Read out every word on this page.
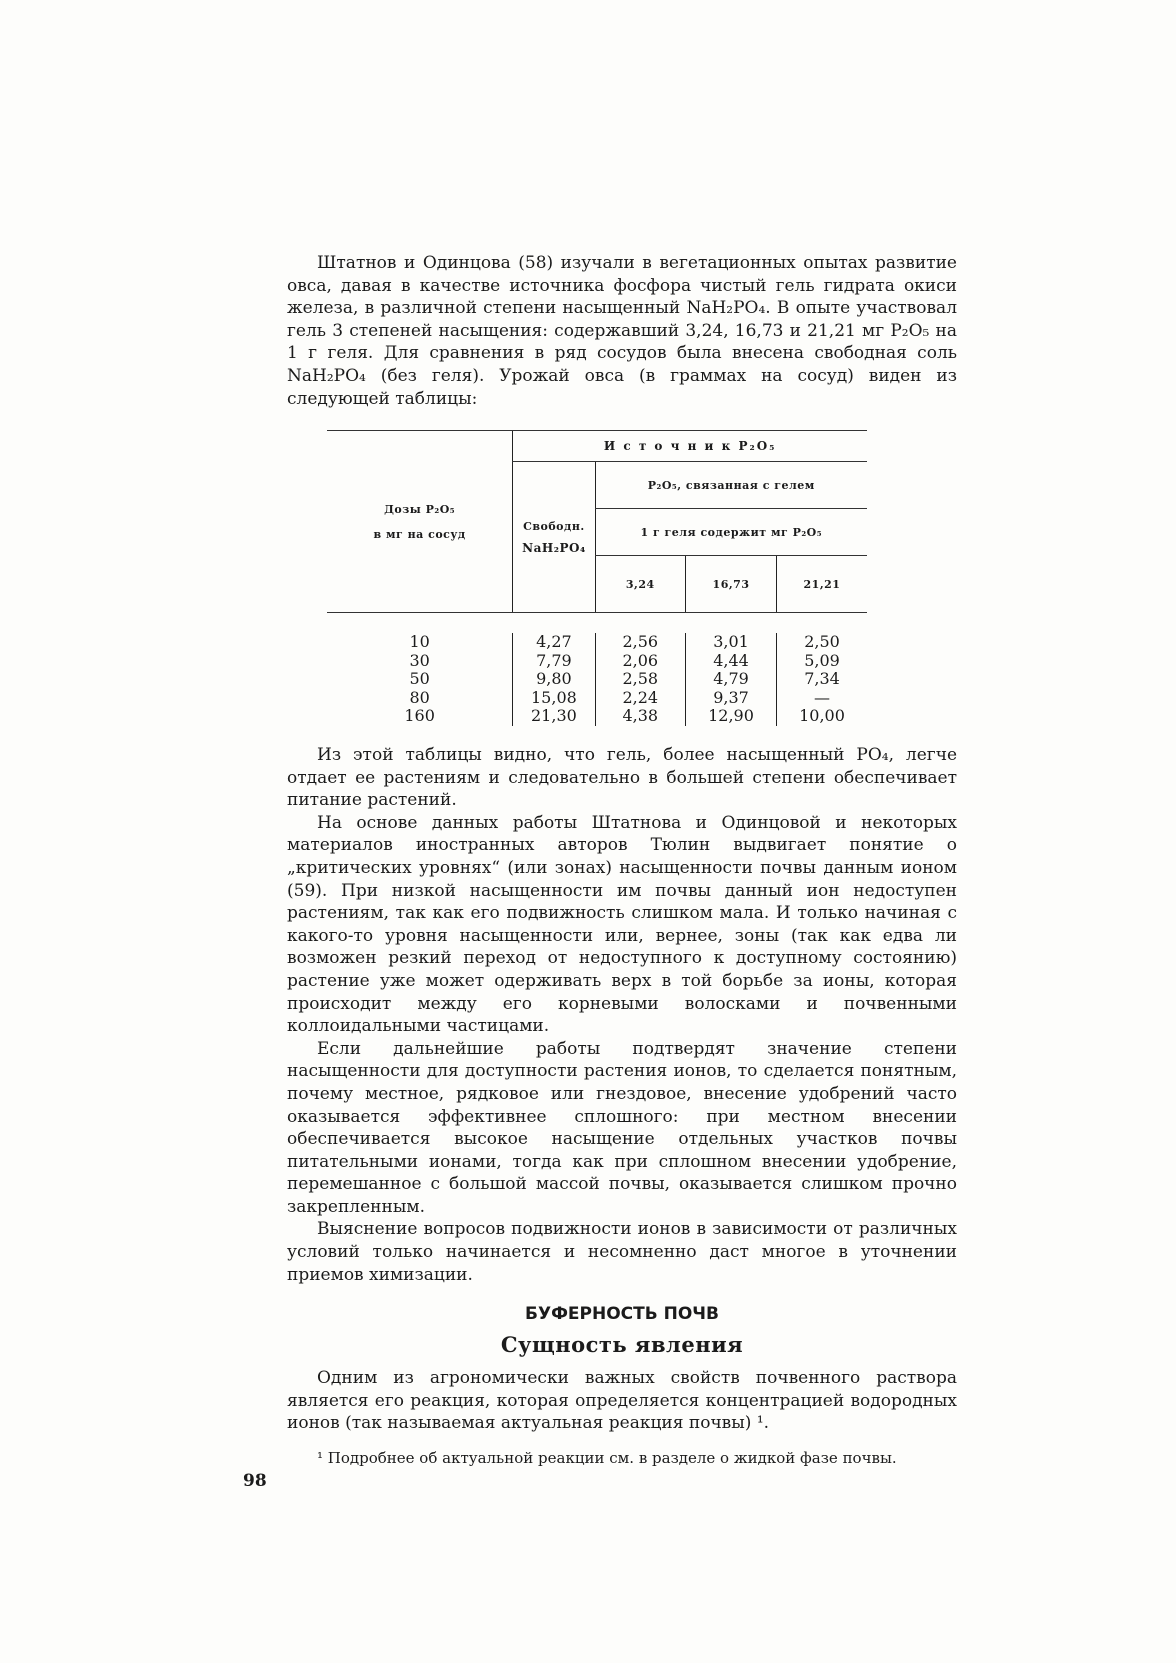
Штатнов и Одинцова (58) изучали в вегетационных опытах развитие овса, давая в качестве источника фосфора чистый гель гидрата окиси железа, в различной степени насыщенный NaH₂PO₄. В опыте участвовал гель 3 степеней насыщения: содержавший 3,24, 16,73 и 21,21 мг P₂O₅ на 1 г геля. Для сравнения в ряд сосудов была внесена свободная соль NaH₂PO₄ (без геля). Урожай овса (в граммах на сосуд) виден из следующей таблицы:

Дозы P₂O₅
в мг на сосуд	И с т о ч н и к P₂O₅			

	Свободн.
NaH₂PO₄	P₂O₅, связанная с гелем		
		1 г геля содержит мг P₂O₅		
		3,24	16,73	21,21

10	4,27	2,56	3,01	2,50
30	7,79	2,06	4,44	5,09
50	9,80	2,58	4,79	7,34
80	15,08	2,24	9,37	—
160	21,30	4,38	12,90	10,00

Из этой таблицы видно, что гель, более насыщенный PO₄, легче отдает ее растениям и следовательно в большей степени обеспечивает питание растений.

На основе данных работы Штатнова и Одинцовой и некоторых материалов иностранных авторов Тюлин выдвигает понятие о „критических уровнях“ (или зонах) насыщенности почвы данным ионом (59). При низкой насыщенности им почвы данный ион недоступен растениям, так как его подвижность слишком мала. И только начиная с какого-то уровня насыщенности или, вернее, зоны (так как едва ли возможен резкий переход от недоступного к доступному состоянию) растение уже может одерживать верх в той борьбе за ионы, которая происходит между его корневыми волосками и почвенными коллоидальными частицами.

Если дальнейшие работы подтвердят значение степени насыщенности для доступности растения ионов, то сделается понятным, почему местное, рядковое или гнездовое, внесение удобрений часто оказывается эффективнее сплошного: при местном внесении обеспечивается высокое насыщение отдельных участков почвы питательными ионами, тогда как при сплошном внесении удобрение, перемешанное с большой массой почвы, оказывается слишком прочно закрепленным.

Выяснение вопросов подвижности ионов в зависимости от различных условий только начинается и несомненно даст многое в уточнении приемов химизации.

БУФЕРНОСТЬ ПОЧВ
Сущность явления

Одним из агрономически важных свойств почвенного раствора является его реакция, которая определяется концентрацией водородных ионов (так называемая актуальная реакция почвы) ¹.

¹ Подробнее об актуальной реакции см. в разделе о жидкой фазе почвы.
98
